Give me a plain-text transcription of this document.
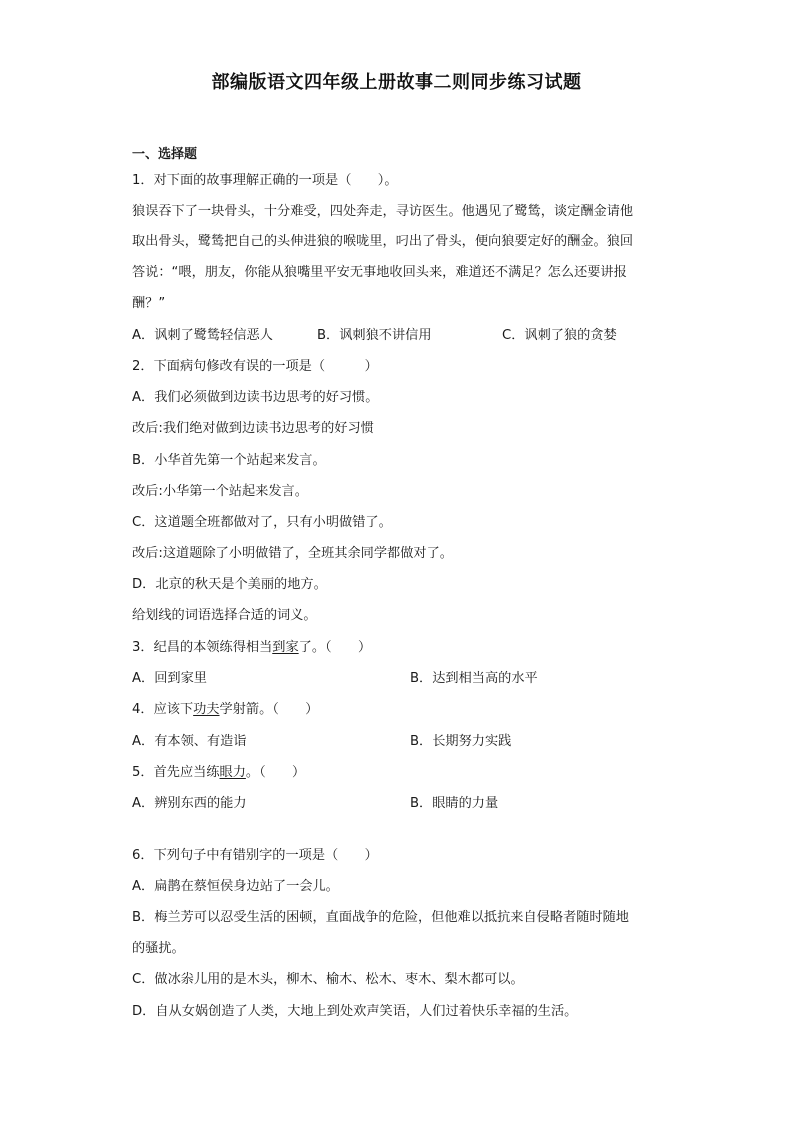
部编版语文四年级上册故事二则同步练习试题
一、选择题
1．对下面的故事理解正确的一项是（　　）。
狼误吞下了一块骨头，十分难受，四处奔走，寻访医生。他遇见了鹭鸶，谈定酬金请他
取出骨头，鹭鸶把自己的头伸进狼的喉咙里，叼出了骨头，便向狼要定好的酬金。狼回
答说：“喂，朋友，你能从狼嘴里平安无事地收回头来，难道还不满足？怎么还要讲报
酬？”
A．讽刺了鹭鸶轻信恶人	B．讽刺狼不讲信用	C．讽刺了狼的贪婪
2．下面病句修改有误的一项是（　　　）
A．我们必须做到边读书边思考的好习惯。
改后:我们绝对做到边读书边思考的好习惯
B．小华首先第一个站起来发言。
改后:小华第一个站起来发言。
C．这道题全班都做对了，只有小明做错了。
改后:这道题除了小明做错了，全班其余同学都做对了。
D．北京的秋天是个美丽的地方。
给划线的词语选择合适的词义。
3．纪昌的本领练得相当到家了。（　　）
A．回到家里	B．达到相当高的水平
4．应该下功夫学射箭。（　　）
A．有本领、有造诣	B．长期努力实践
5．首先应当练眼力。（　　）
A．辨别东西的能力	B．眼睛的力量
6．下列句子中有错别字的一项是（　　）
A．扁鹊在蔡恒侯身边站了一会儿。
B．梅兰芳可以忍受生活的困顿，直面战争的危险，但他难以抵抗来自侵略者随时随地
的骚扰。
C．做冰尜儿用的是木头，柳木、榆木、松木、枣木、梨木都可以。
D．自从女娲创造了人类，大地上到处欢声笑语，人们过着快乐幸福的生活。
